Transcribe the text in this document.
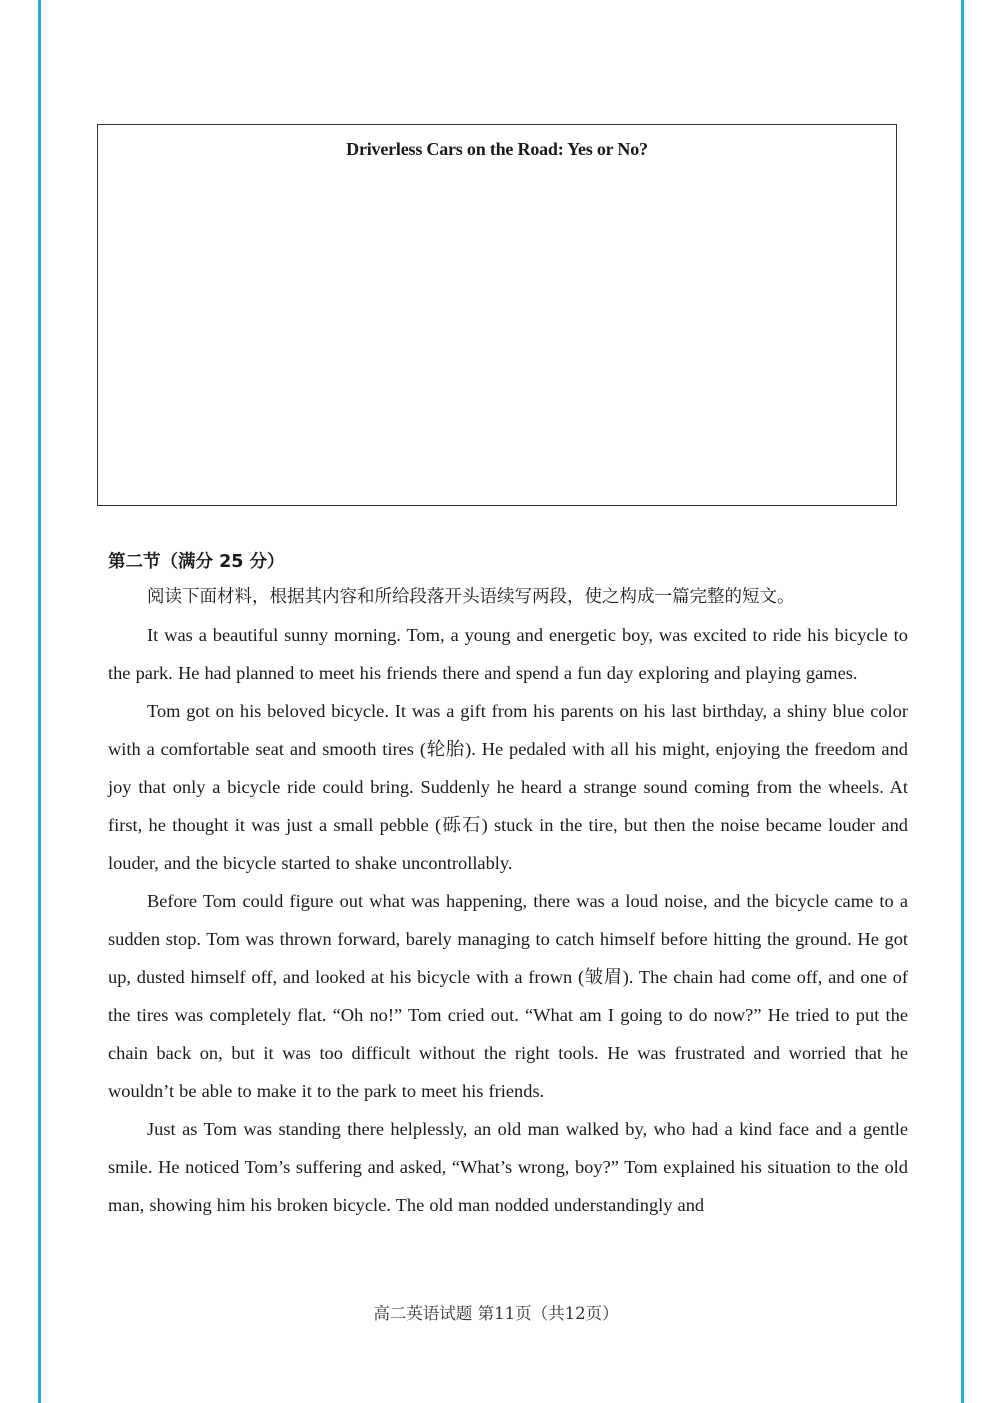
Driverless Cars on the Road: Yes or No?
第二节（满分 25 分）
阅读下面材料，根据其内容和所给段落开头语续写两段，使之构成一篇完整的短文。

It was a beautiful sunny morning. Tom, a young and energetic boy, was excited to ride his bicycle to the park. He had planned to meet his friends there and spend a fun day exploring and playing games.

Tom got on his beloved bicycle. It was a gift from his parents on his last birthday, a shiny blue color with a comfortable seat and smooth tires (轮胎). He pedaled with all his might, enjoying the freedom and joy that only a bicycle ride could bring. Suddenly he heard a strange sound coming from the wheels. At first, he thought it was just a small pebble (砾石) stuck in the tire, but then the noise became louder and louder, and the bicycle started to shake uncontrollably.

Before Tom could figure out what was happening, there was a loud noise, and the bicycle came to a sudden stop. Tom was thrown forward, barely managing to catch himself before hitting the ground. He got up, dusted himself off, and looked at his bicycle with a frown (皱眉). The chain had come off, and one of the tires was completely flat. “Oh no!” Tom cried out. “What am I going to do now?” He tried to put the chain back on, but it was too difficult without the right tools. He was frustrated and worried that he wouldn’t be able to make it to the park to meet his friends.

Just as Tom was standing there helplessly, an old man walked by, who had a kind face and a gentle smile. He noticed Tom’s suffering and asked, “What’s wrong, boy?” Tom explained his situation to the old man, showing him his broken bicycle. The old man nodded understandingly and

高二英语试题 第11页（共12页）
